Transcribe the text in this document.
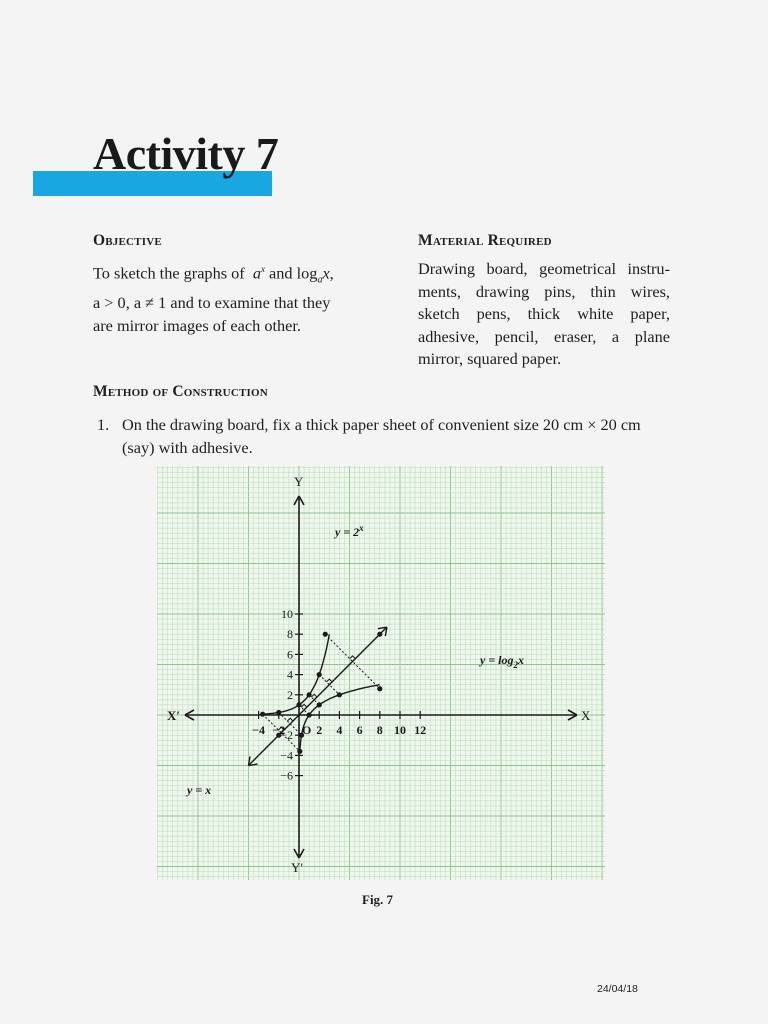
Activity 7
Objective
To sketch the graphs of $a^x$ and $\log_ax$,
a > 0, a ≠ 1 and to examine that they
are mirror images of each other.
Material Required
Drawing board, geometrical instru-
ments, drawing pins, thin wires,
sketch pens, thick white paper,
adhesive, pencil, eraser, a plane
mirror, squared paper.
Method of Construction
1. On the drawing board, fix a thick paper sheet of convenient size 20 cm × 20 cm
(say) with adhesive.
−4 −2	2 4 6 8 10 12
10
8
6
4
2
−2
−4
−6
X
X′
Y
Y′
O
$y = 2^x$
$y = \log_2x$
y = x
Fig. 7
24/04/18
